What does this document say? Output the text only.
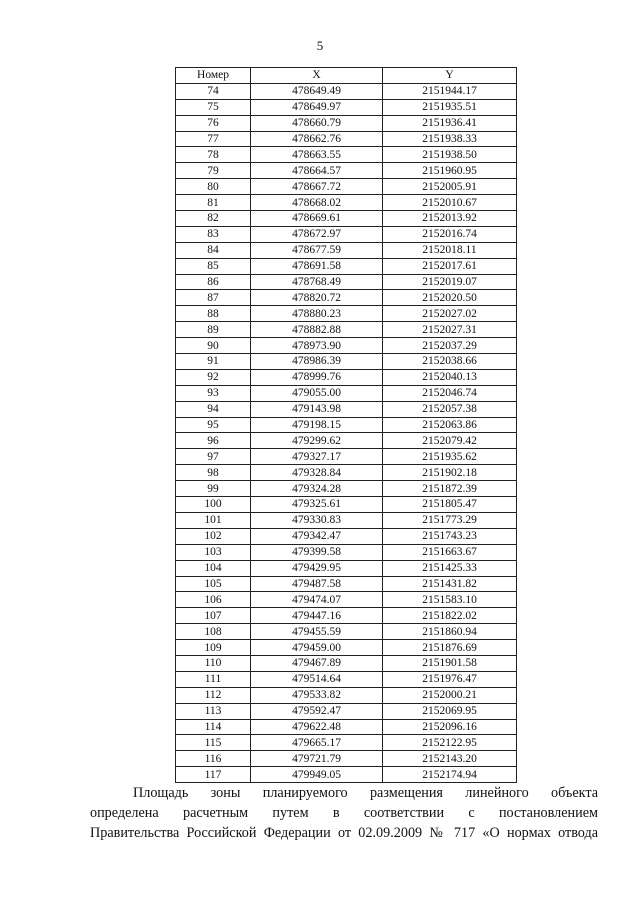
5
Номер	X	Y
74	478649.49	2151944.17
75	478649.97	2151935.51
76	478660.79	2151936.41
77	478662.76	2151938.33
78	478663.55	2151938.50
79	478664.57	2151960.95
80	478667.72	2152005.91
81	478668.02	2152010.67
82	478669.61	2152013.92
83	478672.97	2152016.74
84	478677.59	2152018.11
85	478691.58	2152017.61
86	478768.49	2152019.07
87	478820.72	2152020.50
88	478880.23	2152027.02
89	478882.88	2152027.31
90	478973.90	2152037.29
91	478986.39	2152038.66
92	478999.76	2152040.13
93	479055.00	2152046.74
94	479143.98	2152057.38
95	479198.15	2152063.86
96	479299.62	2152079.42
97	479327.17	2151935.62
98	479328.84	2151902.18
99	479324.28	2151872.39
100	479325.61	2151805.47
101	479330.83	2151773.29
102	479342.47	2151743.23
103	479399.58	2151663.67
104	479429.95	2151425.33
105	479487.58	2151431.82
106	479474.07	2151583.10
107	479447.16	2151822.02
108	479455.59	2151860.94
109	479459.00	2151876.69
110	479467.89	2151901.58
111	479514.64	2151976.47
112	479533.82	2152000.21
113	479592.47	2152069.95
114	479622.48	2152096.16
115	479665.17	2152122.95
116	479721.79	2152143.20
117	479949.05	2152174.94
Площадь зоны планируемого размещения линейного объекта
определена расчетным путем в соответствии с постановлением
Правительства Российской Федерации от 02.09.2009 № 717 «О нормах отвода
